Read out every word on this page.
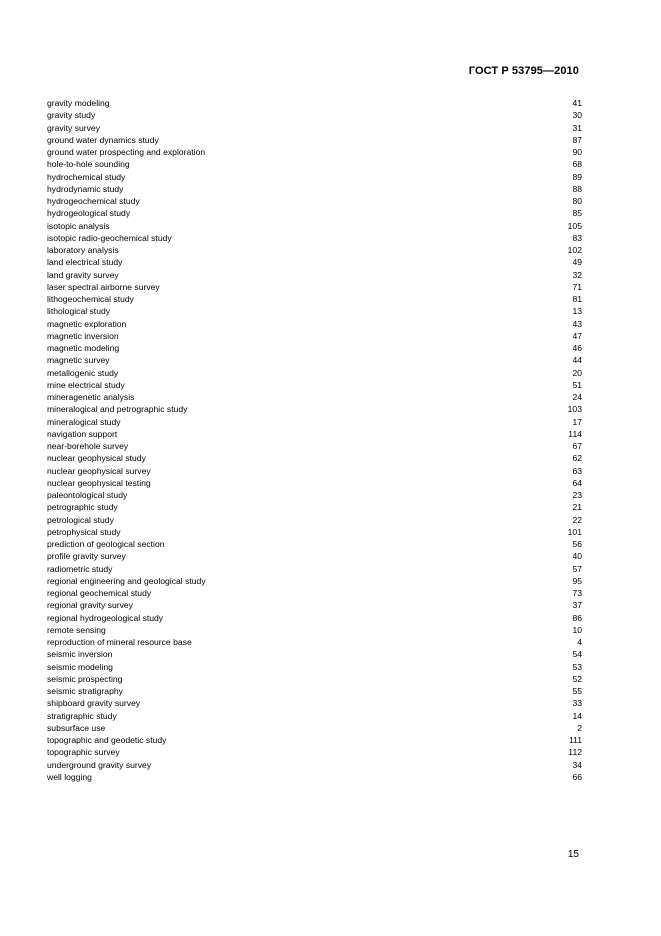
ГОСТ Р 53795—2010
gravity modeling	41
gravity study	30
gravity survey	31
ground water dynamics study	87
ground water prospecting and exploration	90
hole-to-hole sounding	68
hydrochemical study	89
hydrodynamic study	88
hydrogeochemical study	80
hydrogeological study	85
isotopic analysis	105
isotopic radio-geochemical study	83
laboratory analysis	102
land electrical study	49
land gravity survey	32
laser spectral airborne survey	71
lithogeochemical study	81
lithological study	13
magnetic exploration	43
magnetic inversion	47
magnetic modeling	46
magnetic survey	44
metallogenic study	20
mine electrical study	51
mineragenetic analysis	24
mineralogical and petrographic study	103
mineralogical study	17
navigation support	114
near-borehole survey	67
nuclear geophysical study	62
nuclear geophysical survey	63
nuclear geophysical testing	64
paleontological study	23
petrographic study	21
petrological study	22
petrophysical study	101
prediction of geological section	56
profile gravity survey	40
radiometric study	57
regional engineering and geological study	95
regional geochemical study	73
regional gravity survey	37
regional hydrogeological study	86
remote sensing	10
reproduction of mineral resource base	4
seismic inversion	54
seismic modeling	53
seismic prospecting	52
seismic stratigraphy	55
shipboard gravity survey	33
stratigraphic study	14
subsurface use	2
topographic and geodetic study	111
topographic survey	112
underground gravity survey	34
well logging	66
15
